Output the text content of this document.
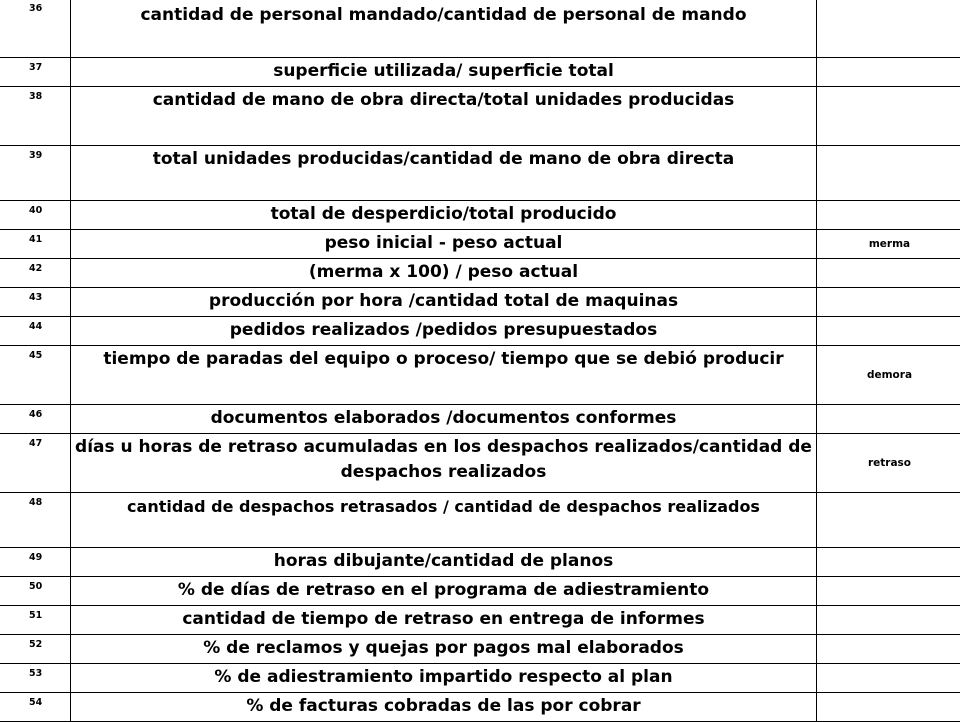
36	cantidad de personal mandado/cantidad de personal de mando	
37	superficie utilizada/ superficie total	
38	cantidad de mano de obra directa/total unidades producidas	
39	total unidades producidas/cantidad de mano de obra directa	
40	total de desperdicio/total producido	
41	peso inicial - peso actual	merma
42	(merma x 100) / peso actual	
43	producción por hora /cantidad total de maquinas	
44	pedidos realizados /pedidos presupuestados	
45	tiempo de paradas del equipo o proceso/ tiempo que se debió producir	demora
46	documentos elaborados /documentos conformes	
47	días u horas de retraso acumuladas en los despachos realizados/cantidad de despachos realizados	retraso
48	cantidad de despachos retrasados / cantidad de despachos realizados	
49	horas dibujante/cantidad de planos	
50	% de días de retraso en el programa de adiestramiento	
51	cantidad de tiempo de retraso en entrega de informes	
52	% de reclamos y quejas por pagos mal elaborados	
53	% de adiestramiento impartido respecto al plan	
54	% de facturas cobradas de las por cobrar	
